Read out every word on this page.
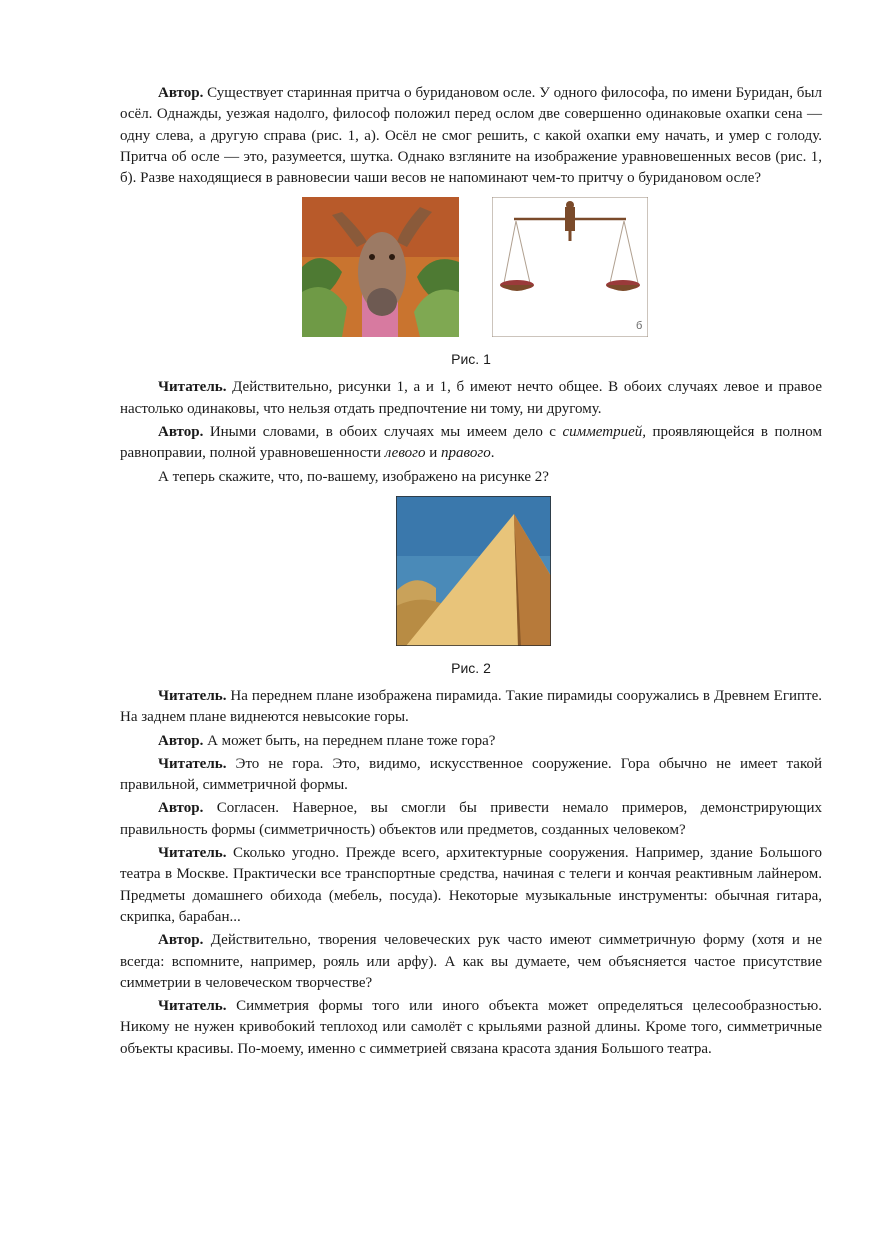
Автор. Существует старинная притча о буридановом осле. У одного философа, по имени Буридан, был осёл. Однажды, уезжая надолго, философ положил перед ослом две совершенно одинаковые охапки сена — одну слева, а другую справа (рис. 1, а). Осёл не смог решить, с какой охапки ему начать, и умер с голоду. Притча об осле — это, разумеется, шутка. Однако взгляните на изображение уравновешенных весов (рис. 1, б). Разве находящиеся в равновесии чаши весов не напоминают чем-то притчу о буридановом осле?

б
Рис. 1

Читатель. Действительно, рисунки 1, а и 1, б имеют нечто общее. В обоих случаях левое и правое настолько одинаковы, что нельзя отдать предпочтение ни тому, ни другому.

Автор. Иными словами, в обоих случаях мы имеем дело с симметрией, проявляющейся в полном равноправии, полной уравновешенности левого и правого.

А теперь скажите, что, по-вашему, изображено на рисунке 2?

Рис. 2

Читатель. На переднем плане изображена пирамида. Такие пирамиды сооружались в Древнем Египте. На заднем плане виднеются невысокие горы.

Автор. А может быть, на переднем плане тоже гора?

Читатель. Это не гора. Это, видимо, искусственное сооружение. Гора обычно не имеет такой правильной, симметричной формы.

Автор. Согласен. Наверное, вы смогли бы привести немало примеров, демонстрирующих правильность формы (симметричность) объектов или предметов, созданных человеком?

Читатель. Сколько угодно. Прежде всего, архитектурные сооружения. Например, здание Большого театра в Москве. Практически все транспортные средства, начиная с телеги и кончая реактивным лайнером. Предметы домашнего обихода (мебель, посуда). Некоторые музыкальные инструменты: обычная гитара, скрипка, барабан...

Автор. Действительно, творения человеческих рук часто имеют симметричную форму (хотя и не всегда: вспомните, например, рояль или арфу). А как вы думаете, чем объясняется частое присутствие симметрии в человеческом творчестве?

Читатель. Симметрия формы того или иного объекта может определяться целесообразностью. Никому не нужен кривобокий теплоход или самолёт с крыльями разной длины. Кроме того, симметричные объекты красивы. По-моему, именно с симметрией связана красота здания Большого театра.
